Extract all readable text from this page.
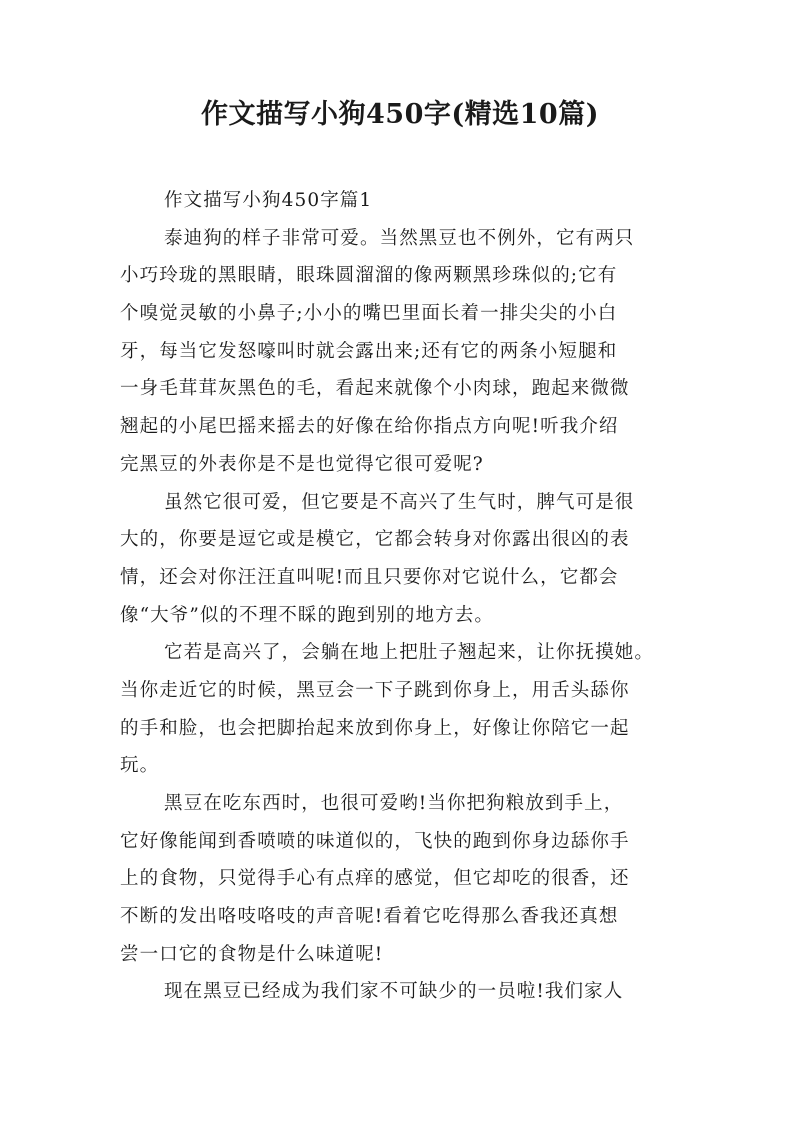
作文描写小狗450字(精选10篇)
作文描写小狗450字篇1
泰迪狗的样子非常可爱。当然黑豆也不例外，它有两只
小巧玲珑的黑眼睛，眼珠圆溜溜的像两颗黑珍珠似的;它有
个嗅觉灵敏的小鼻子;小小的嘴巴里面长着一排尖尖的小白
牙，每当它发怒嚎叫时就会露出来;还有它的两条小短腿和
一身毛茸茸灰黑色的毛，看起来就像个小肉球，跑起来微微
翘起的小尾巴摇来摇去的好像在给你指点方向呢!听我介绍
完黑豆的外表你是不是也觉得它很可爱呢?
虽然它很可爱，但它要是不高兴了生气时，脾气可是很
大的，你要是逗它或是模它，它都会转身对你露出很凶的表
情，还会对你汪汪直叫呢!而且只要你对它说什么，它都会
像“大爷”似的不理不睬的跑到别的地方去。
它若是高兴了，会躺在地上把肚子翘起来，让你抚摸她。
当你走近它的时候，黑豆会一下子跳到你身上，用舌头舔你
的手和脸，也会把脚抬起来放到你身上，好像让你陪它一起
玩。
黑豆在吃东西时，也很可爱哟!当你把狗粮放到手上，
它好像能闻到香喷喷的味道似的，飞快的跑到你身边舔你手
上的食物，只觉得手心有点痒的感觉，但它却吃的很香，还
不断的发出咯吱咯吱的声音呢!看着它吃得那么香我还真想
尝一口它的食物是什么味道呢!
现在黑豆已经成为我们家不可缺少的一员啦!我们家人
